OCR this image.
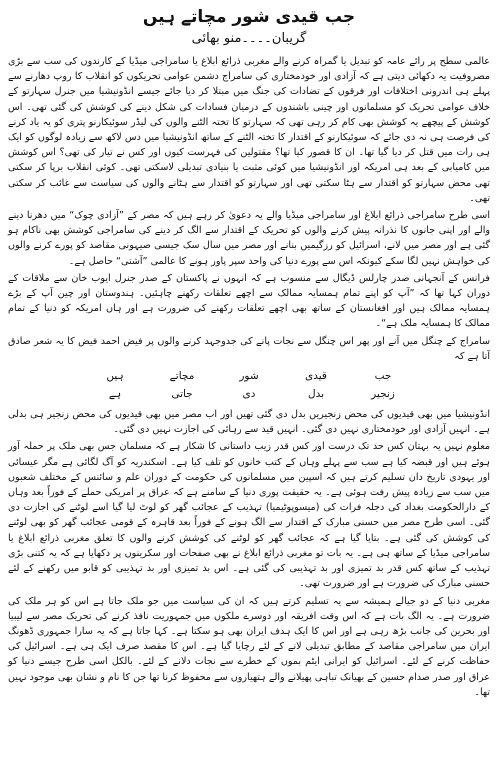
جب قیدی شور مچاتے ہیں
گریبان۔۔۔۔منو بھائی

عالمی سطح پر رائے عامہ کو تبدیل یا گمراہ کرنے والے مغربی ذرائع ابلاغ یا سامراجی میڈیا کے کارندوں کی سب سے بڑی مصروفیت یہ دکھائی دیتی ہے کہ آزادی اور خودمختاری کی سامراج دشمن عوامی تحریکوں کو انقلاب کا روپ دھارنے سے پہلے ہی اندرونی اختلافات اور فرقوں کے تضادات کی جنگ میں مبتلا کر دیا جائے جیسے انڈونیشیا میں جنرل سہارتو کے خلاف عوامی تحریک کو مسلمانوں اور چینی باشندوں کے درمیان فسادات کی شکل دینے کی کوشش کی گئی تھی۔ اس کوشش کے پیچھے یہ کوشش بھی کام کر رہی تھی کہ سہارتو کا تختہ الٹنے والوں کی لیڈر سوئیکارنو پتری کو یہ یاد کرنے کی فرصت ہی نہ دی جائے کہ سوئیکارنو کے اقتدار کا تختہ الٹنے کے ساتھ انڈونیشیا میں دس لاکھ سے زیادہ لوگوں کو ایک ہی رات میں قتل کر دیا گیا تھا۔ ان کا قصور کیا تھا؟ مقتولین کی فہرست کیوں اور کس نے تیار کی تھی؟ اس کوشش میں کامیابی کے بعد ہی امریکہ اور انڈونیشیا میں کوئی مثبت یا بنیادی تبدیلی لاسکتی تھی۔ کوئی انقلاب برپا کر سکتی تھی محض سہارتو کو اقتدار سے ہٹا سکتی تھی اور سہارتو کو اقتدار سے ہٹانے والوں کی سیاست سے غائب کر سکتی تھی۔

اسی طرح سامراجی ذرائع ابلاغ اور سامراجی میڈیا والے یہ دعویٰ کر رہے ہیں کہ مصر کے ”آزادی چوک“ میں دھرنا دینے والے اور اپنی جانوں کا نذرانہ پیش کرنے والوں کو تحریک کے اقتدار سے الگ کر دینے کی سامراجی کوشش بھی ناکام ہو گئی ہے اور مصر میں لانے، اسرائیل کو رزگیمیں بنانے اور مصر میں سال سک جیسی صیہونی مقاصد کو پورے کرنے والوں کی خواہش نہیں لگا سکے کیونکہ اس سے پورے دنیا کی واحد سپر پاور ہونے کا عالمی ”آشتی“ حاصل ہے۔

فرانس کے آنجہانی صدر چارلس ڈیگال سے منسوب ہے کہ انہوں نے پاکستان کے صدر جنرل ایوب خان سے ملاقات کے دوران کہا تھا کہ ”آپ کو اپنے تمام ہمسایہ ممالک سے اچھے تعلقات رکھنے چاہئیں۔ ہندوستان اور چین آپ کے بڑے ہمسایہ ممالک ہیں اور افغانستان کے ساتھ بھی اچھے تعلقات رکھنے کی ضرورت ہے اور ہاں امریکہ کو دنیا کے تمام ممالک کا ہمسایہ ملک ہے“۔

سامراج کے چنگل میں آنے اور پھر اس چنگل سے نجات پانے کی جدوجہد کرنے والوں پر فیض احمد فیض کا یہ شعر صادق آتا ہے کہ

جب
قیدی
شور
مچاتے
ہیں
زنجیر
بدل
دی
جاتی
ہے

انڈونیشیا میں بھی قیدیوں کی محض زنجیریں بدل دی گئی تھیں اور اب مصر میں بھی قیدیوں کی محض زنجیر ہی بدلی ہے۔ انہیں آزادی اور خودمختاری نہیں دی گئی۔ انہیں قید سے رہائی کی اجازت نہیں دی گئی۔

معلوم نہیں یہ بہتان کس حد تک درست اور کس قدر زیب داستانی کا شکار ہے کہ مسلمان جس بھی ملک پر حملہ آور ہوئے ہیں اور قبضہ کیا ہے سب سے پہلے وہاں کے کتب خانوں کو تلف کیا ہے۔ اسکندریہ کو آگ لگائی ہے مگر عیسائی اور یہودی تاریخ دان تسلیم کرتے ہیں کہ اسپین میں مسلمانوں کی حکومت کے دوران علم و سائنس کے مختلف شعبوں میں سب سے زیادہ پیش رفت ہوئی ہے۔ یہ حقیقت پوری دنیا کے سامنے ہے کہ عراق پر امریکی حملے کے فوراً بعد وہاں کے دارالحکومت بغداد کی دجلہ فرات کی (میسوپوٹیمیا) تہذیب کے عجائب گھر کو لوٹ لیا گیا اسے لوٹنے کی اجازت دی گئی۔ اسی طرح مصر میں حسنی مبارک کے اقتدار سے الگ ہونے کے فوراً بعد قاہرہ کے قومی عجائب گھر کو بھی لوٹنے کی کوشش کی گئی ہے۔ بتایا گیا ہے کہ عجائب گھر کو لوٹنے کی کوشش کرنے والوں کا تعلق مغربی ذرائع ابلاغ یا سامراجی میڈیا کے ساتھ ہی ہے۔ یہ بات تو مغربی ذرائع ابلاغ نے بھی صفحات اور سکرینوں پر دکھایا ہے کہ یہ کتنی بڑی تہذیب کے ساتھ کس قدر بد تمیزی اور بد تہذیبی کی گئی ہے۔ اس بد تمیزی اور بد تہذیبی کو قابو میں رکھنے کے لئے حسنی مبارک کی ضرورت ہے اور ضرورت تھی۔

مغربی دنیا کے دو جیالے ہمیشہ سے یہ تسلیم کرتے ہیں کہ ان کی سیاست میں جو ملک جاتا ہے اس کو ہر ملک کی ضرورت ہے۔ یہ الگ بات ہے کہ اس وقت افریقہ اور دوسرے ملکوں میں جمہوریت نافذ کرنے کی تحریک مصر سے لیبیا اور بحرین کی جانب بڑھ رہی ہے اور اس کا ایک ہدف ایران بھی ہو سکتا ہے۔ کہا جاتا ہے کہ یہ سارا جمہوری ڈھونگ ایران میں سامراجی مقاصد کے مطابق تبدیلی لانے کے لئے رچایا گیا ہے۔ اس کا مقصد صرف ایک ہی ہے۔ اسرائیل کی حفاظت کرنے کے لئے۔ اسرائیل کو ایرانی ایٹم بموں کے خطرے سے نجات دلانے کے لئے۔ بالکل اسی طرح جیسے دنیا کو عراق اور صدر صدام حسین کے بھیانک تباہی پھیلانے والے ہتھیاروں سے محفوظ کرنا تھا جن کا نام و نشان بھی موجود نہیں تھا۔
